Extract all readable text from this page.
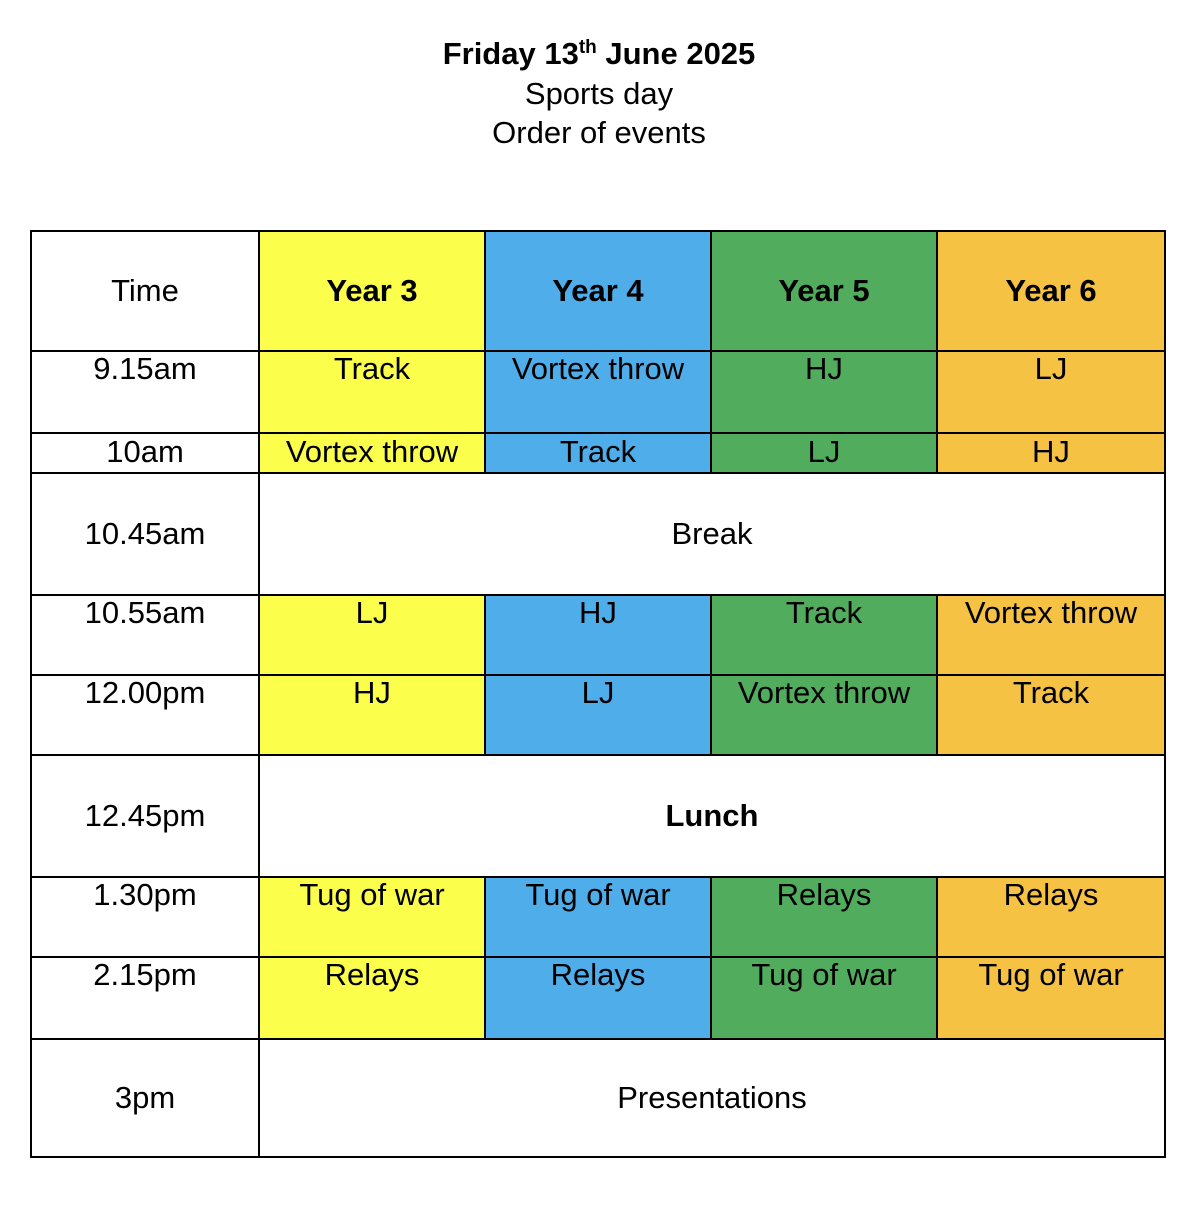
Friday 13th June 2025
Sports day
Order of events
Time	Year 3	Year 4	Year 5	Year 6
9.15am	Track	Vortex throw	HJ	LJ
10am	Vortex throw	Track	LJ	HJ
10.45am	Break			
10.55am	LJ	HJ	Track	Vortex throw
12.00pm	HJ	LJ	Vortex throw	Track
12.45pm	Lunch			
1.30pm	Tug of war	Tug of war	Relays	Relays
2.15pm	Relays	Relays	Tug of war	Tug of war
3pm	Presentations			
